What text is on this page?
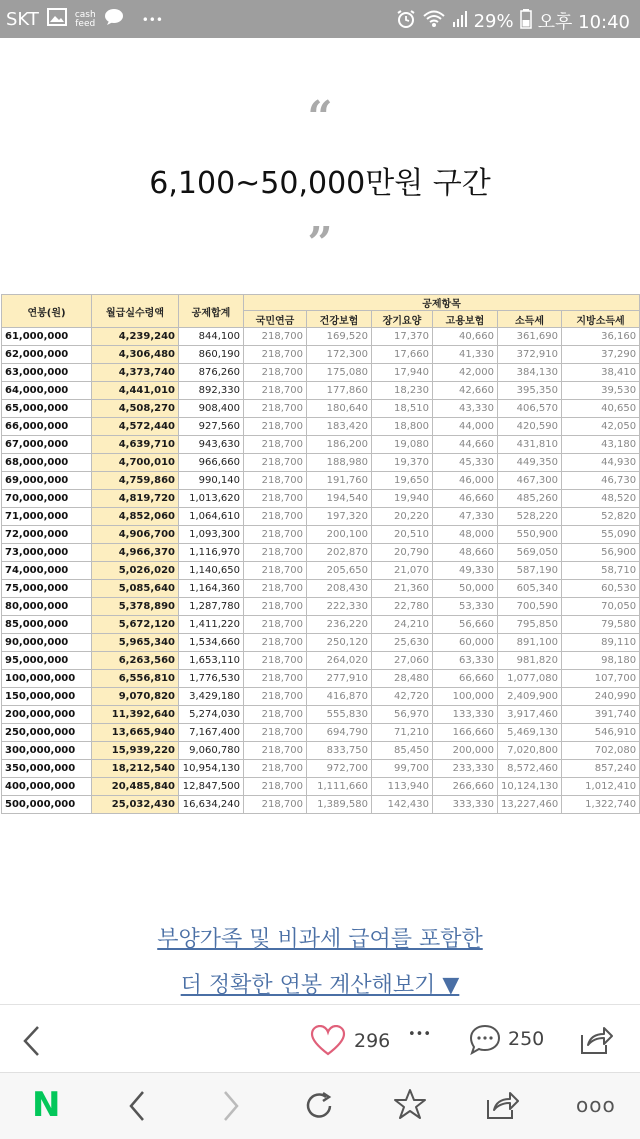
SKT	cash
feed	•••	29% 오후 10:40
“
6,100~50,000만원 구간
”
연봉(원)	월급실수령액	공제합계	공제항목					
			국민연금	건강보험	장기요양	고용보험	소득세	지방소득세
61,000,000	4,239,240	844,100	218,700	169,520	17,370	40,660	361,690	36,160
62,000,000	4,306,480	860,190	218,700	172,300	17,660	41,330	372,910	37,290
63,000,000	4,373,740	876,260	218,700	175,080	17,940	42,000	384,130	38,410
64,000,000	4,441,010	892,330	218,700	177,860	18,230	42,660	395,350	39,530
65,000,000	4,508,270	908,400	218,700	180,640	18,510	43,330	406,570	40,650
66,000,000	4,572,440	927,560	218,700	183,420	18,800	44,000	420,590	42,050
67,000,000	4,639,710	943,630	218,700	186,200	19,080	44,660	431,810	43,180
68,000,000	4,700,010	966,660	218,700	188,980	19,370	45,330	449,350	44,930
69,000,000	4,759,860	990,140	218,700	191,760	19,650	46,000	467,300	46,730
70,000,000	4,819,720	1,013,620	218,700	194,540	19,940	46,660	485,260	48,520
71,000,000	4,852,060	1,064,610	218,700	197,320	20,220	47,330	528,220	52,820
72,000,000	4,906,700	1,093,300	218,700	200,100	20,510	48,000	550,900	55,090
73,000,000	4,966,370	1,116,970	218,700	202,870	20,790	48,660	569,050	56,900
74,000,000	5,026,020	1,140,650	218,700	205,650	21,070	49,330	587,190	58,710
75,000,000	5,085,640	1,164,360	218,700	208,430	21,360	50,000	605,340	60,530
80,000,000	5,378,890	1,287,780	218,700	222,330	22,780	53,330	700,590	70,050
85,000,000	5,672,120	1,411,220	218,700	236,220	24,210	56,660	795,850	79,580
90,000,000	5,965,340	1,534,660	218,700	250,120	25,630	60,000	891,100	89,110
95,000,000	6,263,560	1,653,110	218,700	264,020	27,060	63,330	981,820	98,180
100,000,000	6,556,810	1,776,530	218,700	277,910	28,480	66,660	1,077,080	107,700
150,000,000	9,070,820	3,429,180	218,700	416,870	42,720	100,000	2,409,900	240,990
200,000,000	11,392,640	5,274,030	218,700	555,830	56,970	133,330	3,917,460	391,740
250,000,000	13,665,940	7,167,400	218,700	694,790	71,210	166,660	5,469,130	546,910
300,000,000	15,939,220	9,060,780	218,700	833,750	85,450	200,000	7,020,800	702,080
350,000,000	18,212,540	10,954,130	218,700	972,700	99,700	233,330	8,572,460	857,240
400,000,000	20,485,840	12,847,500	218,700	1,111,660	113,940	266,660	10,124,130	1,012,410
500,000,000	25,032,430	16,634,240	218,700	1,389,580	142,430	333,330	13,227,460	1,322,740
부양가족 및 비과세 급여를 포함한
더 정확한 연봉 계산해보기 ▼
296 •••	250
N	ooo
